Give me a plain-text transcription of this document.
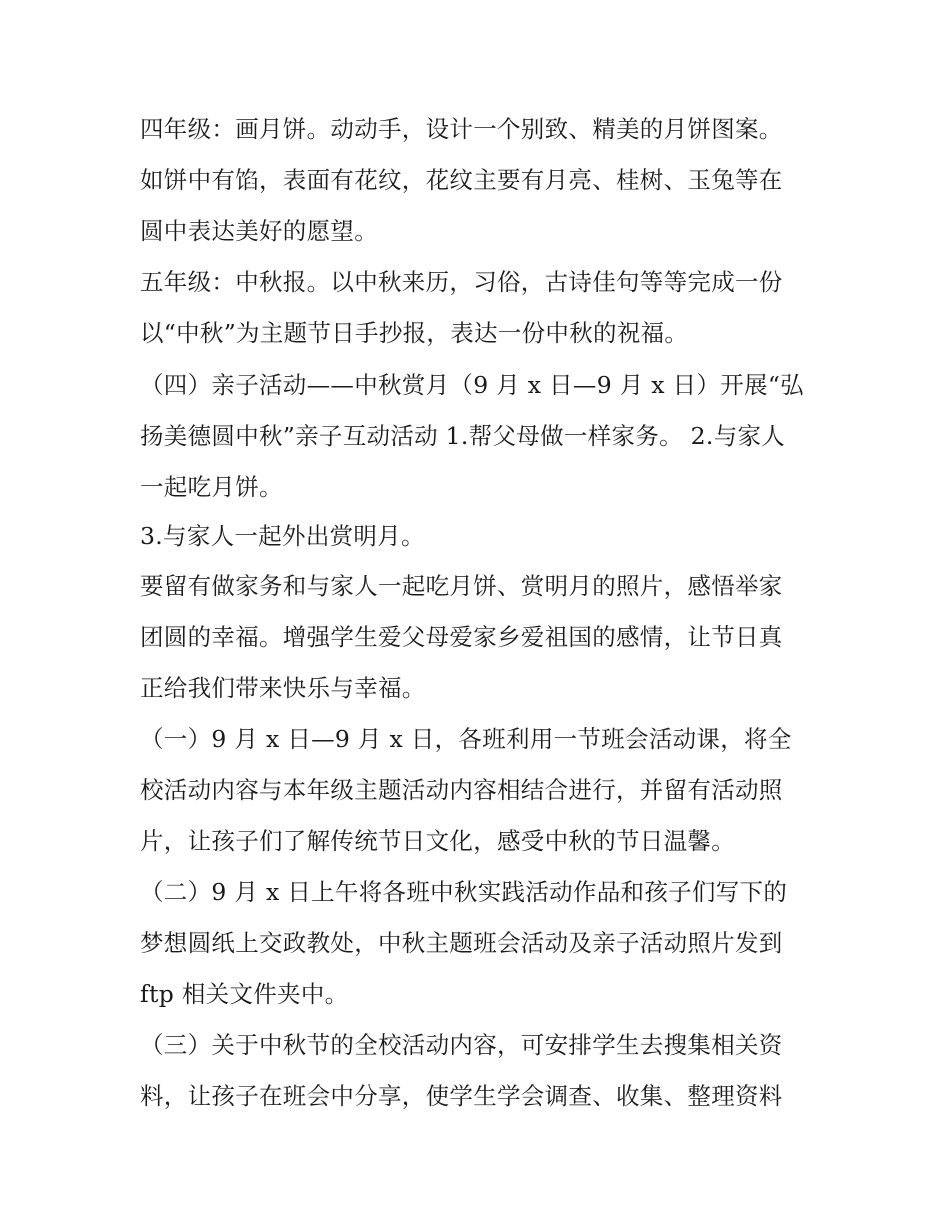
四年级：画月饼。动动手，设计一个别致、精美的月饼图案。
如饼中有馅，表面有花纹，花纹主要有月亮、桂树、玉兔等在
圆中表达美好的愿望。
五年级：中秋报。以中秋来历，习俗，古诗佳句等等完成一份
以“中秋”为主题节日手抄报，表达一份中秋的祝福。
（四）亲子活动——中秋赏月（9 月 x 日—9 月 x 日）开展“弘
扬美德圆中秋”亲子互动活动 1.帮父母做一样家务。 2.与家人
一起吃月饼。
3.与家人一起外出赏明月。
要留有做家务和与家人一起吃月饼、赏明月的照片，感悟举家
团圆的幸福。增强学生爱父母爱家乡爱祖国的感情，让节日真
正给我们带来快乐与幸福。
（一）9 月 x 日—9 月 x 日，各班利用一节班会活动课，将全
校活动内容与本年级主题活动内容相结合进行，并留有活动照
片，让孩子们了解传统节日文化，感受中秋的节日温馨。
（二）9 月 x 日上午将各班中秋实践活动作品和孩子们写下的
梦想圆纸上交政教处，中秋主题班会活动及亲子活动照片发到
ftp 相关文件夹中。
（三）关于中秋节的全校活动内容，可安排学生去搜集相关资
料，让孩子在班会中分享，使学生学会调查、收集、整理资料
